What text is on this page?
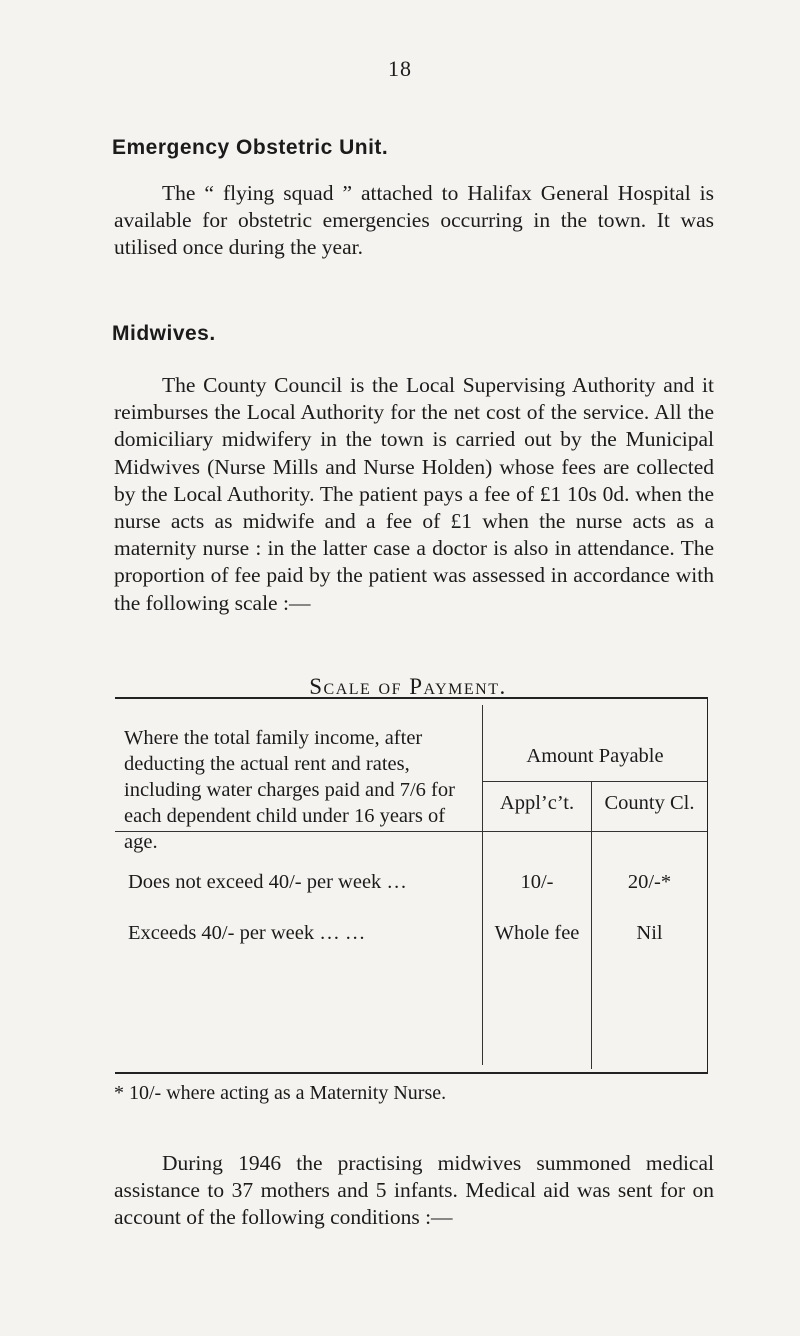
18
Emergency Obstetric Unit.
The “ flying squad ” attached to Halifax General Hospital is available for obstetric emergencies occurring in the town. It was utilised once during the year.
Midwives.
The County Council is the Local Supervising Authority and it reimburses the Local Authority for the net cost of the service. All the domiciliary midwifery in the town is carried out by the Municipal Midwives (Nurse Mills and Nurse Holden) whose fees are collected by the Local Authority. The patient pays a fee of £1 10s 0d. when the nurse acts as midwife and a fee of £1 when the nurse acts as a maternity nurse : in the latter case a doctor is also in attendance. The proportion of fee paid by the patient was assessed in accordance with the following scale :—
Scale of Payment.
Where the total family income, after deducting the actual rent and rates, including water charges paid and 7/6 for each dependent child under 16 years of age.
Amount Payable
Appl’c’t.	County Cl.
Does not exceed 40/- per week …	10/-	20/-*
Exceeds 40/- per week … …	Whole fee	Nil
* 10/- where acting as a Maternity Nurse.
During 1946 the practising midwives summoned medical assistance to 37 mothers and 5 infants. Medical aid was sent for on account of the following conditions :—
